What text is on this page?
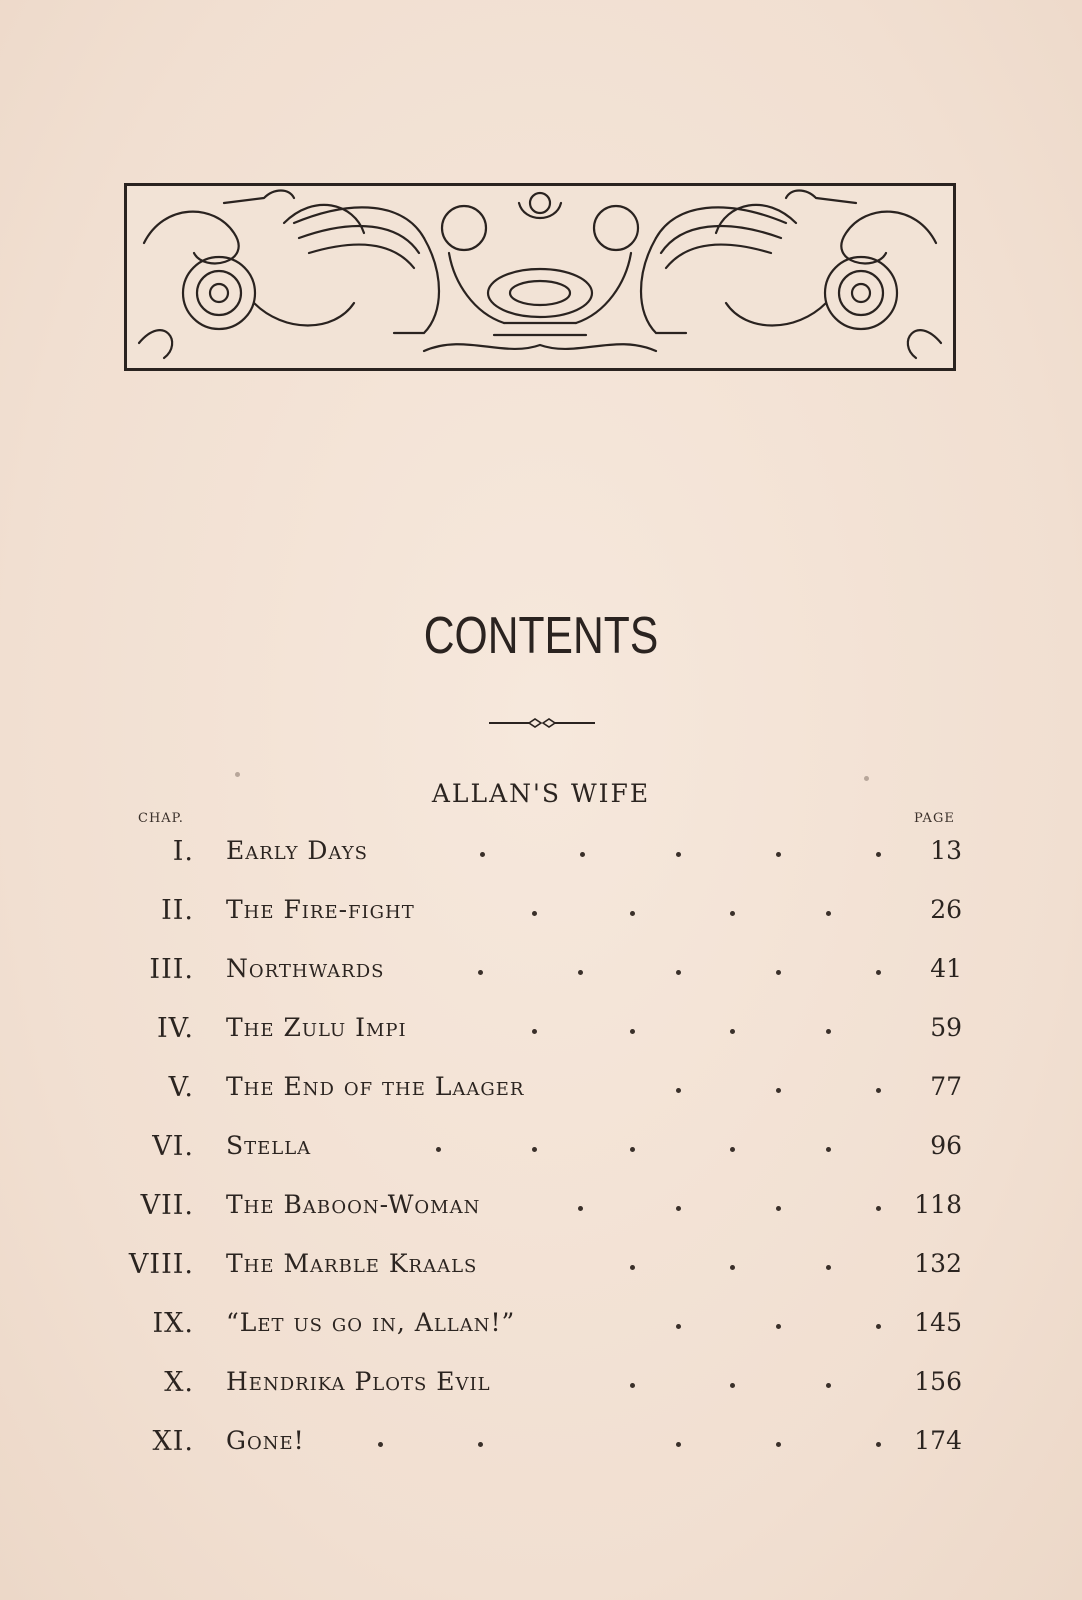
CONTENTS
ALLAN'S WIFE
CHAP.	PAGE
I. Early Days	13
II. The Fire-fight	26
III. Northwards	41
IV. The Zulu Impi	59
V. The End of the Laager	77
VI. Stella	96
VII. The Baboon-Woman	118
VIII. The Marble Kraals	132
IX. “Let us go in, Allan!”	145
X. Hendrika Plots Evil	156
XI. Gone!	174
